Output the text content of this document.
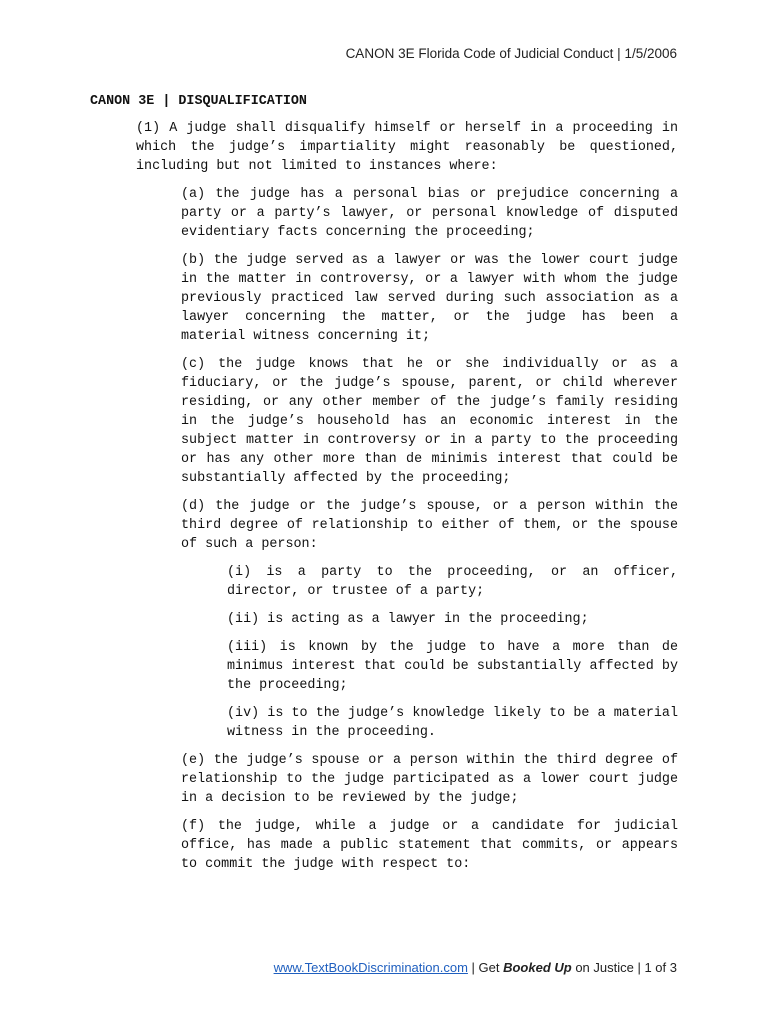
CANON 3E Florida Code of Judicial Conduct | 1/5/2006
CANON 3E | DISQUALIFICATION
(1) A judge shall disqualify himself or herself in a proceeding in which the judge’s impartiality might reasonably be questioned, including but not limited to instances where:
(a) the judge has a personal bias or prejudice concerning a party or a party’s lawyer, or personal knowledge of disputed evidentiary facts concerning the proceeding;
(b) the judge served as a lawyer or was the lower court judge in the matter in controversy, or a lawyer with whom the judge previously practiced law served during such association as a lawyer concerning the matter, or the judge has been a material witness concerning it;
(c) the judge knows that he or she individually or as a fiduciary, or the judge’s spouse, parent, or child wherever residing, or any other member of the judge’s family residing in the judge’s household has an economic interest in the subject matter in controversy or in a party to the proceeding or has any other more than de minimis interest that could be substantially affected by the proceeding;
(d) the judge or the judge’s spouse, or a person within the third degree of relationship to either of them, or the spouse of such a person:
(i) is a party to the proceeding, or an officer, director, or trustee of a party;
(ii) is acting as a lawyer in the proceeding;
(iii) is known by the judge to have a more than de minimus interest that could be substantially affected by the proceeding;
(iv) is to the judge’s knowledge likely to be a material witness in the proceeding.
(e) the judge’s spouse or a person within the third degree of relationship to the judge participated as a lower court judge in a decision to be reviewed by the judge;
(f) the judge, while a judge or a candidate for judicial office, has made a public statement that commits, or appears to commit the judge with respect to:
www.TextBookDiscrimination.com | Get Booked Up on Justice | 1 of 3
